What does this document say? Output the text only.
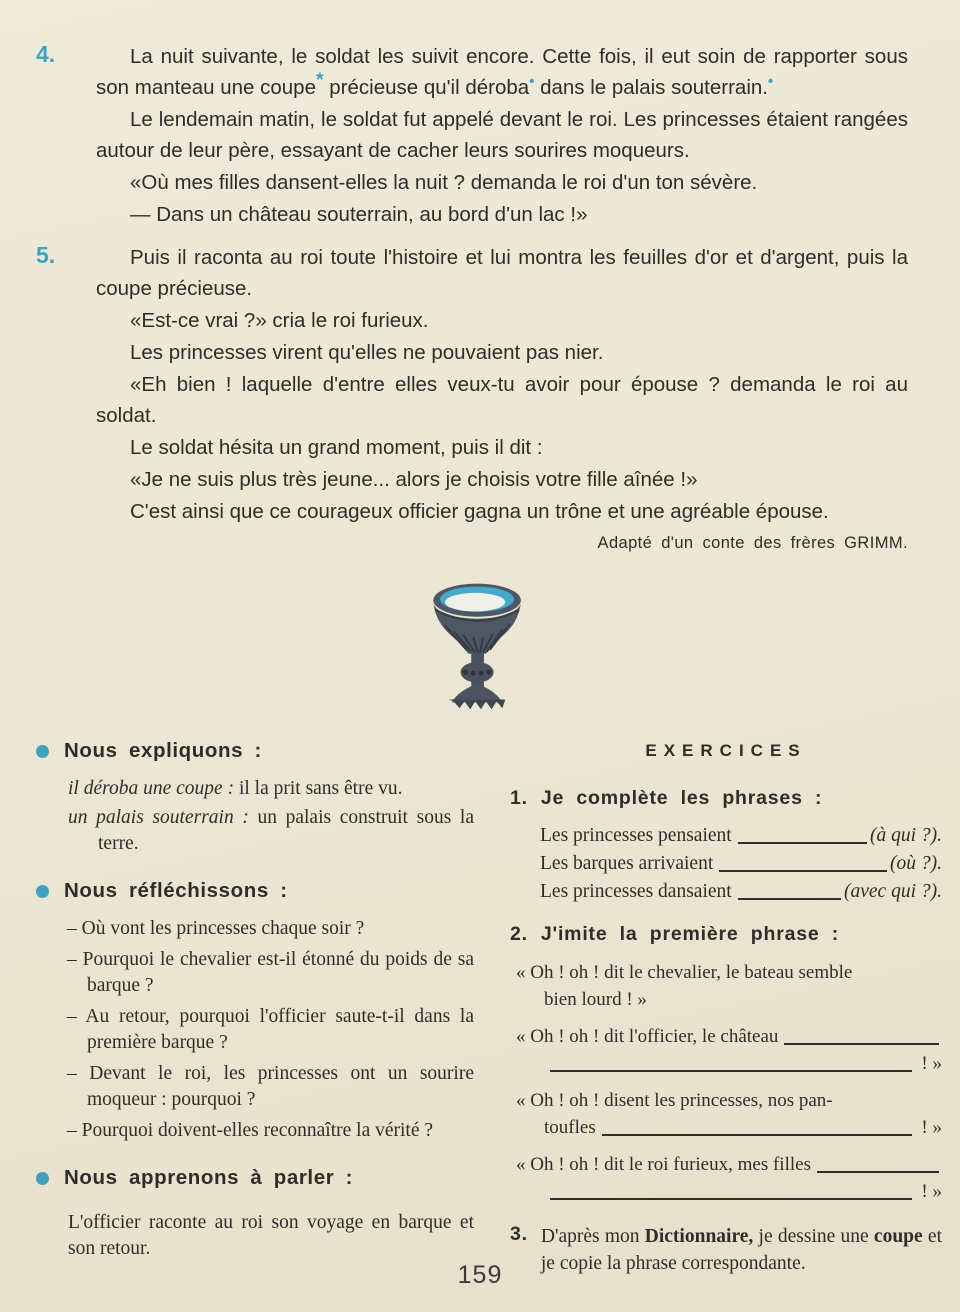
4.	La nuit suivante, le soldat les suivit encore. Cette fois, il eut soin de rapporter sous son manteau une coupe* précieuse qu'il déroba• dans le palais souterrain.•

Le lendemain matin, le soldat fut appelé devant le roi. Les princesses étaient rangées autour de leur père, essayant de cacher leurs sourires moqueurs.

«Où mes filles dansent-elles la nuit ? demanda le roi d'un ton sévère.

— Dans un château souterrain, au bord d'un lac !»

5.	Puis il raconta au roi toute l'histoire et lui montra les feuilles d'or et d'argent, puis la coupe précieuse.

«Est-ce vrai ?» cria le roi furieux.

Les princesses virent qu'elles ne pouvaient pas nier.

«Eh bien ! laquelle d'entre elles veux-tu avoir pour épouse ? demanda le roi au soldat.

Le soldat hésita un grand moment, puis il dit :

«Je ne suis plus très jeune... alors je choisis votre fille aînée !»

C'est ainsi que ce courageux officier gagna un trône et une agréable épouse.

Adapté d'un conte des frères GRIMM.

Nous expliquons :

il déroba une coupe : il la prit sans être vu.

un palais souterrain : un palais construit sous la terre.

Nous réfléchissons :

– Où vont les princesses chaque soir ?

– Pourquoi le chevalier est-il étonné du poids de sa barque ?

– Au retour, pourquoi l'officier saute-t-il dans la première barque ?

– Devant le roi, les princesses ont un sourire moqueur : pourquoi ?

– Pourquoi doivent-elles reconnaître la vérité ?

Nous apprenons à parler :

L'officier raconte au roi son voyage en barque et son retour.

EXERCICES
1. Je complète les phrases :
Les princesses pensaient	(à qui ?).
Les barques arrivaient	(où ?).
Les princesses dansaient	(avec qui ?).
2. J'imite la première phrase :
« Oh ! oh ! dit le chevalier, le bateau semble
bien lourd ! »
« Oh ! oh ! dit l'officier, le château
! »
« Oh ! oh ! disent les princesses, nos pan-
toufles	! »
« Oh ! oh ! dit le roi furieux, mes filles
! »
3. D'après mon Dictionnaire, je dessine une coupe et je copie la phrase correspondante.

159
